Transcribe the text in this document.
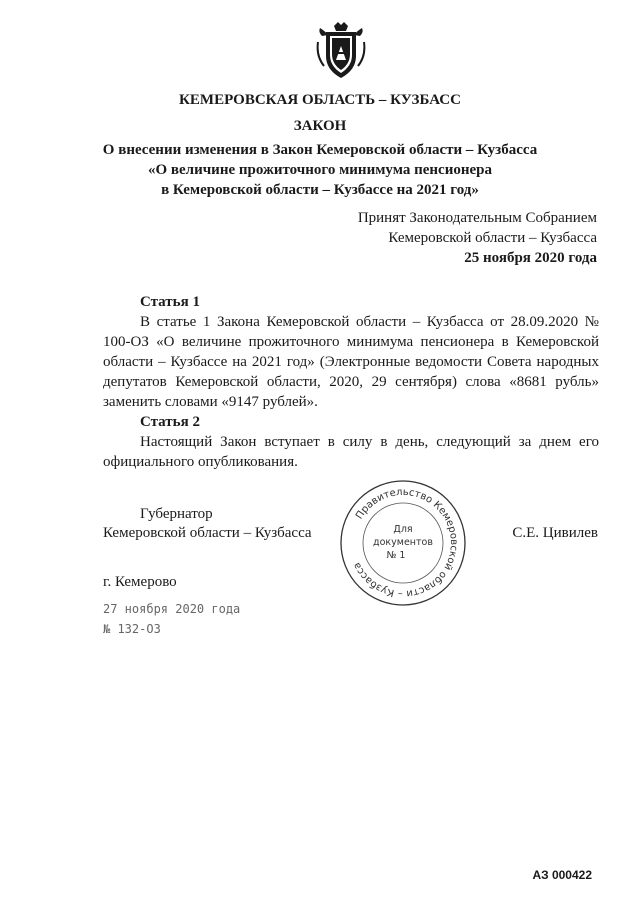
КЕМЕРОВСКАЯ ОБЛАСТЬ – КУЗБАСС
ЗАКОН
О внесении изменения в Закон Кемеровской области – Кузбасса
«О величине прожиточного минимума пенсионера
в Кемеровской области – Кузбассе на 2021 год»
Принят Законодательным Собранием
Кемеровской области – Кузбасса
25 ноября 2020 года
Статья 1
В статье 1 Закона Кемеровской области – Кузбасса от 28.09.2020 № 100-ОЗ «О величине прожиточного минимума пенсионера в Кемеровской области – Кузбассе на 2021 год» (Электронные ведомости Совета народных депутатов Кемеровской области, 2020, 29 сентября) слова «8681 рубль» заменить словами «9147 рублей».
Статья 2
Настоящий Закон вступает в силу в день, следующий за днем его официального опубликования.
Губернатор
Кемеровской области – Кузбасса	С.Е. Цивилев
Правительство Кемеровской области – Кузбасса
Для
документов
№ 1
г. Кемерово
27 ноября 2020 года
№ 132-ОЗ
АЗ 000422
